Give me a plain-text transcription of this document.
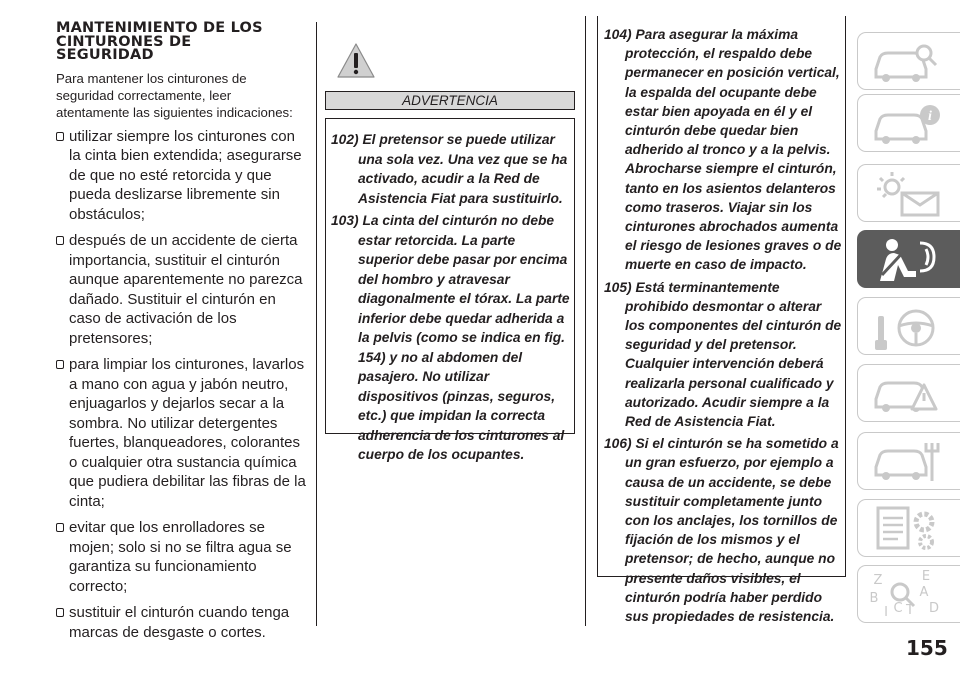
MANTENIMIENTO DE LOS
CINTURONES DE
SEGURIDAD

Para mantener los cinturones de seguridad correctamente, leer atentamente las siguientes indicaciones:

utilizar siempre los cinturones con la cinta bien extendida; asegurarse de que no esté retorcida y que pueda deslizarse libremente sin obstáculos;
después de un accidente de cierta importancia, sustituir el cinturón aunque aparentemente no parezca dañado. Sustituir el cinturón en caso de activación de los pretensores;
para limpiar los cinturones, lavarlos a mano con agua y jabón neutro, enjuagarlos y dejarlos secar a la sombra. No utilizar detergentes fuertes, blanqueadores, colorantes o cualquier otra sustancia química que pudiera debilitar las fibras de la cinta;
evitar que los enrolladores se mojen; solo si no se filtra agua se garantiza su funcionamiento correcto;
sustituir el cinturón cuando tenga marcas de desgaste o cortes.
ADVERTENCIA

102) El pretensor se puede utilizar una sola vez. Una vez que se ha activado, acudir a la Red de Asistencia Fiat para sustituirlo.

103) La cinta del cinturón no debe estar retorcida. La parte superior debe pasar por encima del hombro y atravesar diagonalmente el tórax. La parte inferior debe quedar adherida a la pelvis (como se indica en fig. 154) y no al abdomen del pasajero. No utilizar dispositivos (pinzas, seguros, etc.) que impidan la correcta adherencia de los cinturones al cuerpo de los ocupantes.

104) Para asegurar la máxima protección, el respaldo debe permanecer en posición vertical, la espalda del ocupante debe estar bien apoyada en él y el cinturón debe quedar bien adherido al tronco y a la pelvis. Abrocharse siempre el cinturón, tanto en los asientos delanteros como traseros. Viajar sin los cinturones abrochados aumenta el riesgo de lesiones graves o de muerte en caso de impacto.

105) Está terminantemente prohibido desmontar o alterar los componentes del cinturón de seguridad y del pretensor. Cualquier intervención deberá realizarla personal cualificado y autorizado. Acudir siempre a la Red de Asistencia Fiat.

106) Si el cinturón se ha sometido a un gran esfuerzo, por ejemplo a causa de un accidente, se debe sustituir completamente junto con los anclajes, los tornillos de fijación de los mismos y el pretensor; de hecho, aunque no presente daños visibles, el cinturón podría haber perdido sus propiedades de resistencia.

i
Z	E
A
B
C T D
I
155
